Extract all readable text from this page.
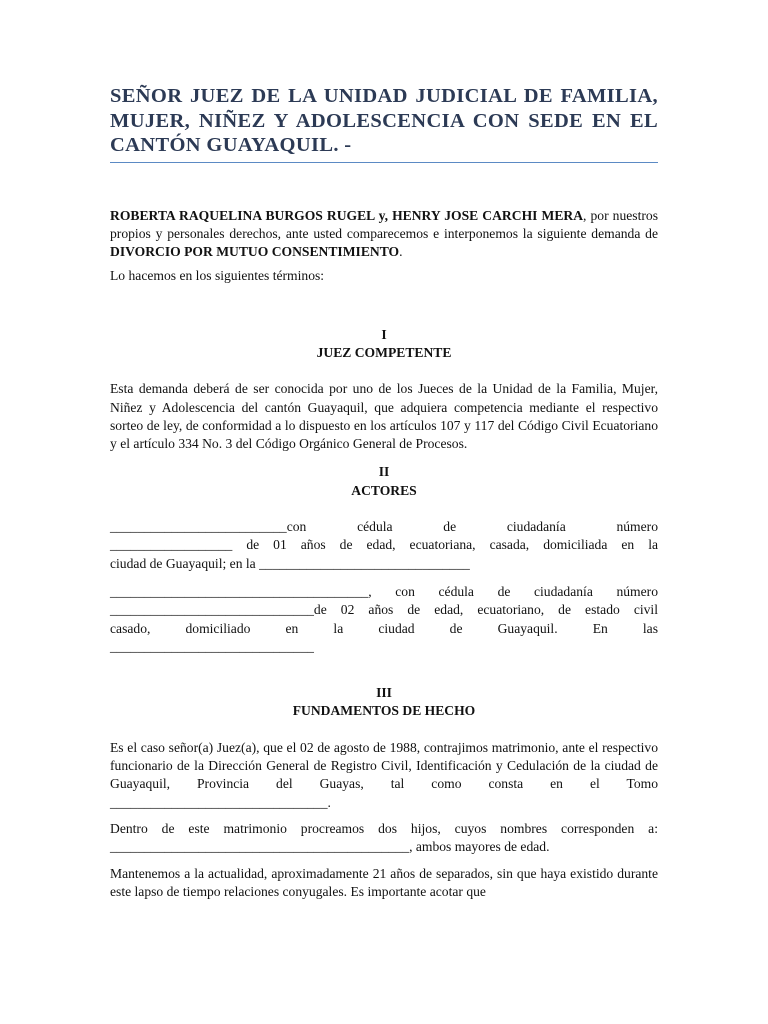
SEÑOR JUEZ DE LA UNIDAD JUDICIAL DE FAMILIA, MUJER, NIÑEZ Y ADOLESCENCIA CON SEDE EN EL CANTÓN GUAYAQUIL. -

ROBERTA RAQUELINA BURGOS RUGEL y, HENRY JOSE CARCHI MERA, por nuestros propios y personales derechos, ante usted comparecemos e interponemos la siguiente demanda de DIVORCIO POR MUTUO CONSENTIMIENTO.

Lo hacemos en los siguientes términos:

I
JUEZ COMPETENTE

Esta demanda deberá de ser conocida por uno de los Jueces de la Unidad de la Familia, Mujer, Niñez y Adolescencia del cantón Guayaquil, que adquiera competencia mediante el respectivo sorteo de ley, de conformidad a lo dispuesto en los artículos 107 y 117 del Código Civil Ecuatoriano y el artículo 334 No. 3 del Código Orgánico General de Procesos.

II
ACTORES

__________________________con cédula de ciudadanía número

__________________ de 01 años de edad, ecuatoriana, casada, domiciliada en la

ciudad de Guayaquil; en la _______________________________

______________________________________, con cédula de ciudadanía número

______________________________de 02 años de edad, ecuatoriano, de estado civil

casado, domiciliado en la ciudad de Guayaquil. En las

______________________________

III
FUNDAMENTOS DE HECHO

Es el caso señor(a) Juez(a), que el 02 de agosto de 1988, contrajimos matrimonio, ante el respectivo funcionario de la Dirección General de Registro Civil, Identificación y Cedulación de la ciudad de Guayaquil, Provincia del Guayas, tal como consta en el Tomo ________________________________.

Dentro de este matrimonio procreamos dos hijos, cuyos nombres corresponden a: ____________________________________________, ambos mayores de edad.

Mantenemos a la actualidad, aproximadamente 21 años de separados, sin que haya existido durante este lapso de tiempo relaciones conyugales. Es importante acotar que
